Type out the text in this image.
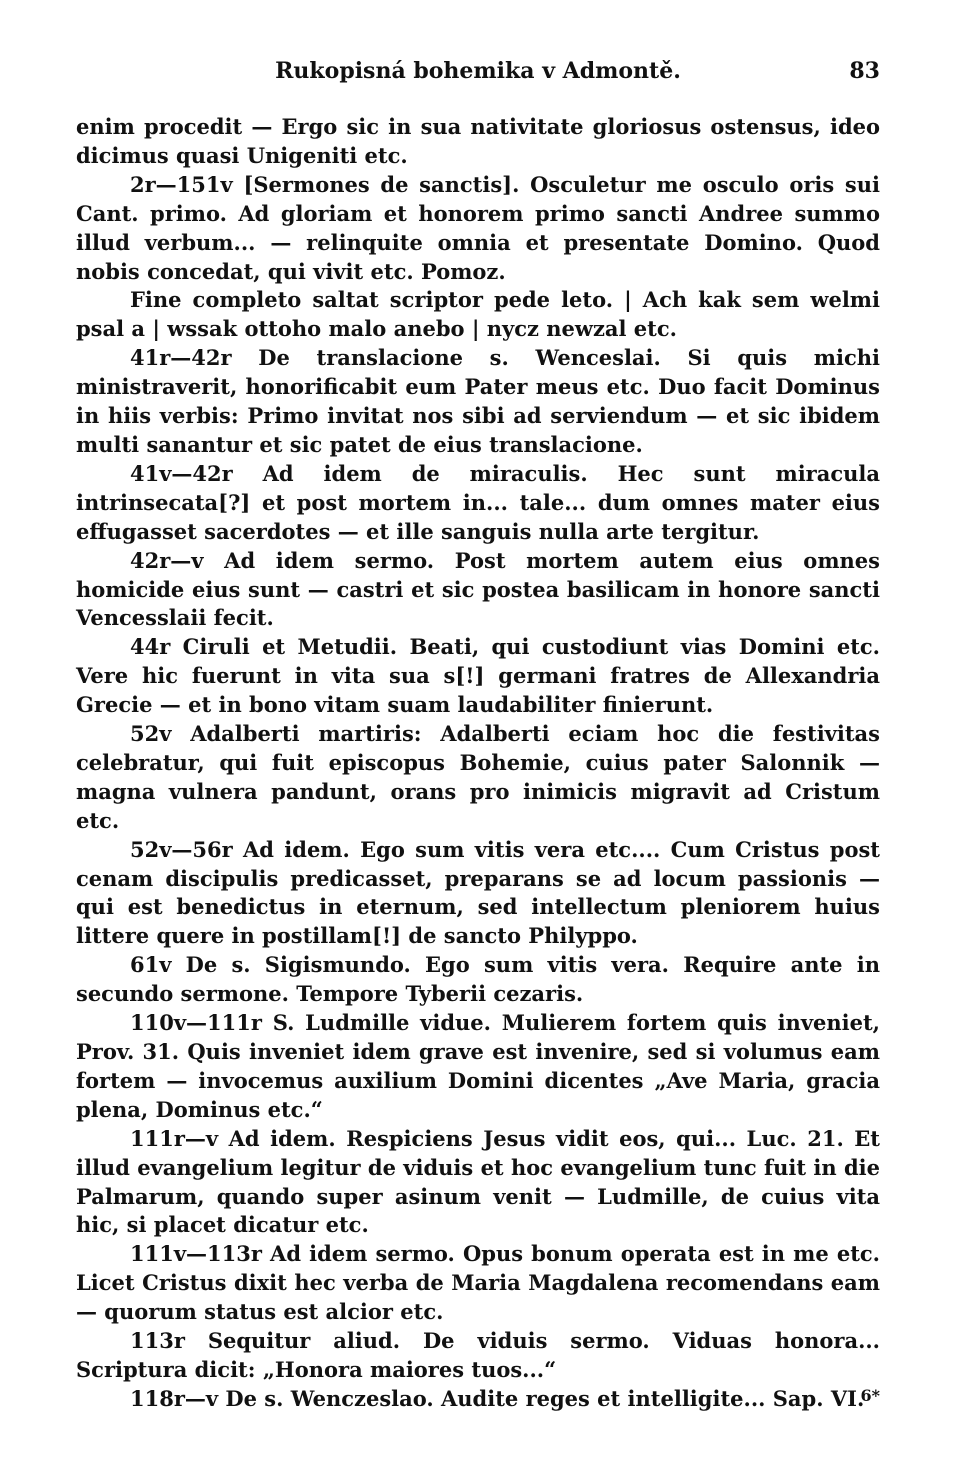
Rukopisná bohemika v Admontě.	83

enim procedit — Ergo sic in sua nativitate gloriosus ostensus, ideo dicimus quasi Unigeniti etc.

2r—151v [Sermones de sanctis]. Osculetur me osculo oris sui Cant. primo. Ad gloriam et honorem primo sancti Andree summo illud verbum... — relinquite omnia et presentate Domino. Quod nobis concedat, qui vivit etc. Pomoz.

Fine completo saltat scriptor pede leto. | Ach kak sem welmi psal a | wssak ottoho malo anebo | nycz newzal etc.

41r—42r De translacione s. Wenceslai. Si quis michi ministraverit, honorificabit eum Pater meus etc. Duo facit Dominus in hiis verbis: Primo invitat nos sibi ad serviendum — et sic ibidem multi sanantur et sic patet de eius translacione.

41v—42r Ad idem de miraculis. Hec sunt miracula intrinsecata[?] et post mortem in... tale... dum omnes mater eius effugasset sacerdotes — et ille sanguis nulla arte tergitur.

42r—v Ad idem sermo. Post mortem autem eius omnes homicide eius sunt — castri et sic postea basilicam in honore sancti Vencesslaii fecit.

44r Ciruli et Metudii. Beati, qui custodiunt vias Domini etc. Vere hic fuerunt in vita sua s[!] germani fratres de Allexandria Grecie — et in bono vitam suam laudabiliter finierunt.

52v Adalberti martiris: Adalberti eciam hoc die festivitas celebratur, qui fuit episcopus Bohemie, cuius pater Salonnik — magna vulnera pandunt, orans pro inimicis migravit ad Cristum etc.

52v—56r Ad idem. Ego sum vitis vera etc.... Cum Cristus post cenam discipulis predicasset, preparans se ad locum passionis — qui est benedictus in eternum, sed intellectum pleniorem huius littere quere in postillam[!] de sancto Philyppo.

61v De s. Sigismundo. Ego sum vitis vera. Require ante in secundo sermone. Tempore Tyberii cezaris.

110v—111r S. Ludmille vidue. Mulierem fortem quis inveniet, Prov. 31. Quis inveniet idem grave est invenire, sed si volumus eam fortem — invocemus auxilium Domini dicentes „Ave Maria, gracia plena, Dominus etc.“

111r—v Ad idem. Respiciens Jesus vidit eos, qui... Luc. 21. Et illud evangelium legitur de viduis et hoc evangelium tunc fuit in die Palmarum, quando super asinum venit — Ludmille, de cuius vita hic, si placet dicatur etc.

111v—113r Ad idem sermo. Opus bonum operata est in me etc. Licet Cristus dixit hec verba de Maria Magdalena recomendans eam — quorum status est alcior etc.

113r Sequitur aliud. De viduis sermo. Viduas honora... Scriptura dicit: „Honora maiores tuos...“

118r—v De s. Wenczeslao. Audite reges et intelligite... Sap. VI.

6*
